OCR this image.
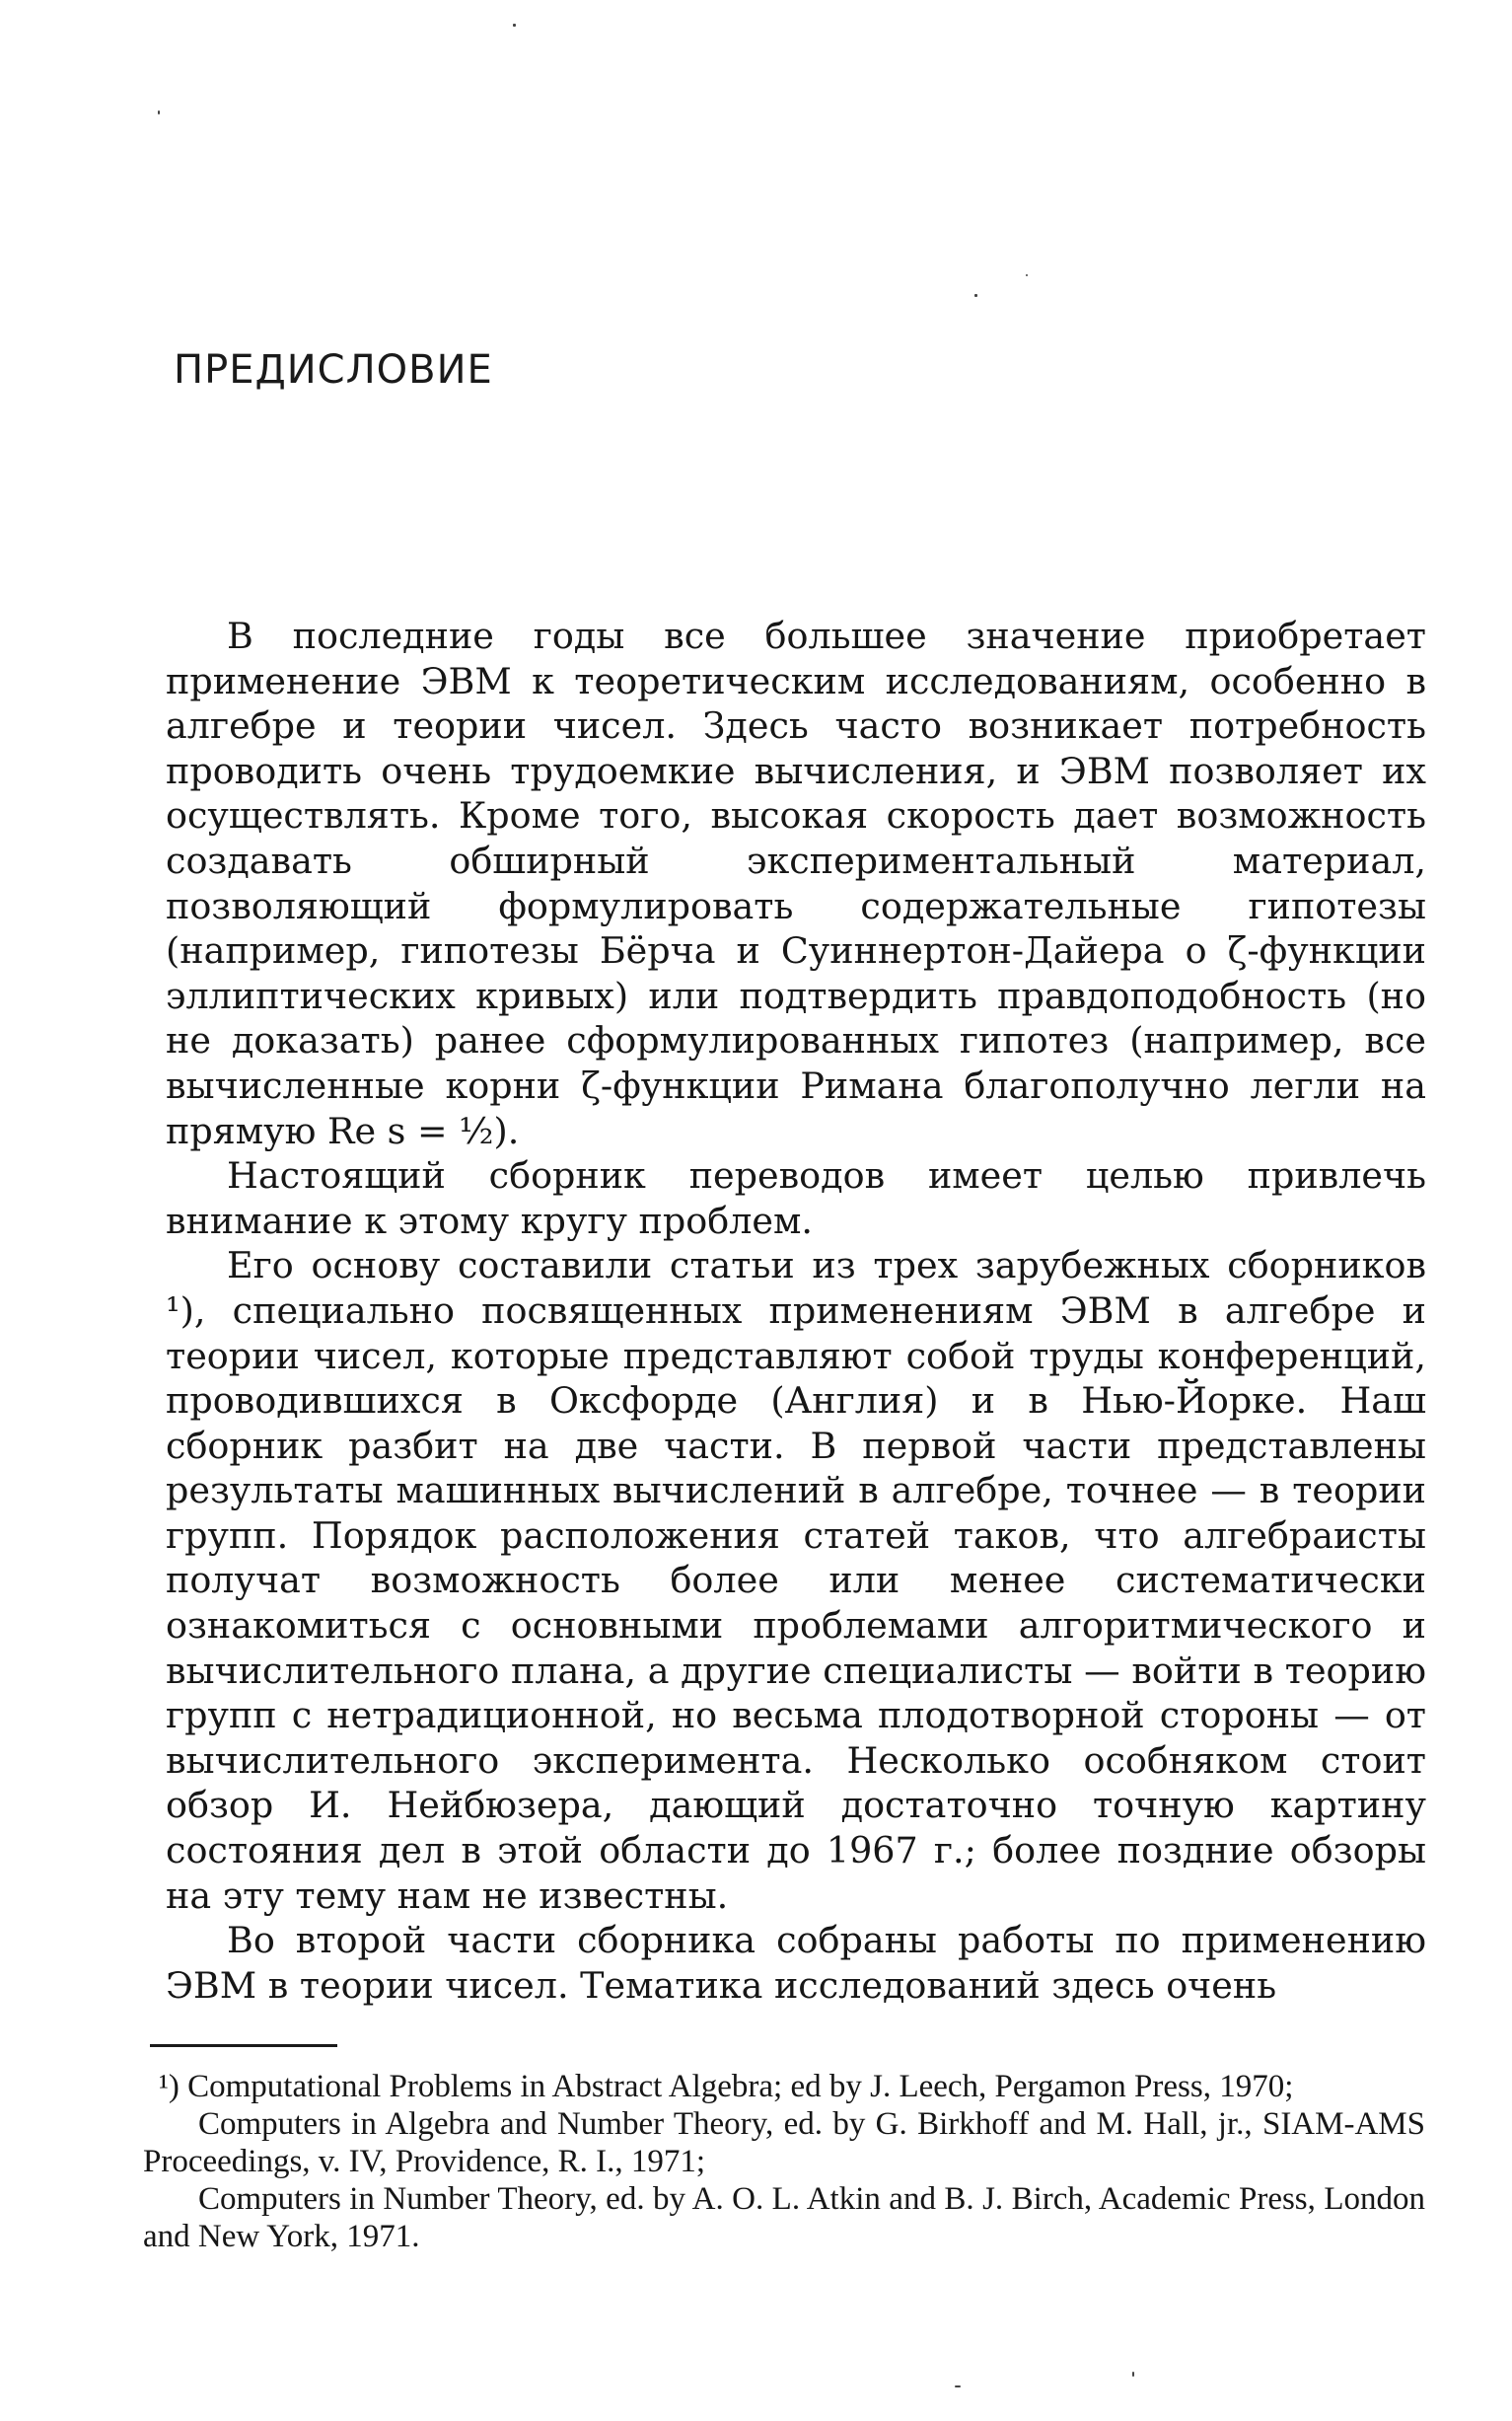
ПРЕДИСЛОВИЕ

В последние годы все большее значение приобретает применение ЭВМ к теоретическим исследованиям, особенно в алгебре и теории чисел. Здесь часто возникает потребность проводить очень трудоемкие вычисления, и ЭВМ позволяет их осуществлять. Кроме того, высокая скорость дает возможность создавать обширный экспериментальный материал, позволяющий формулировать содержательные гипотезы (например, гипотезы Бёрча и Суиннертон-Дайера о ζ-функции эллиптических кривых) или подтвердить правдоподобность (но не доказать) ранее сформулированных гипотез (например, все вычисленные корни ζ-функции Римана благополучно легли на прямую Re s = ½).

Настоящий сборник переводов имеет целью привлечь внимание к этому кругу проблем.

Его основу составили статьи из трех зарубежных сборников ¹), специально посвященных применениям ЭВМ в алгебре и теории чисел, которые представляют собой труды конференций, проводившихся в Оксфорде (Англия) и в Нью-Йорке. Наш сборник разбит на две части. В первой части представлены результаты машинных вычислений в алгебре, точнее — в теории групп. Порядок расположения статей таков, что алгебраисты получат возможность более или менее систематически ознакомиться с основными проблемами алгоритмического и вычислительного плана, а другие специалисты — войти в теорию групп с нетрадиционной, но весьма плодотворной стороны — от вычислительного эксперимента. Несколько особняком стоит обзор И. Нейбюзера, дающий достаточно точную картину состояния дел в этой области до 1967 г.; более поздние обзоры на эту тему нам не известны.

Во второй части сборника собраны работы по применению ЭВМ в теории чисел. Тематика исследований здесь очень

¹) Computational Problems in Abstract Algebra; ed by J. Leech, Pergamon Press, 1970;

Computers in Algebra and Number Theory, ed. by G. Birkhoff and M. Hall, jr., SIAM-AMS Proceedings, v. IV, Providence, R. I., 1971;

Computers in Number Theory, ed. by A. O. L. Atkin and B. J. Birch, Academic Press, London and New York, 1971.
